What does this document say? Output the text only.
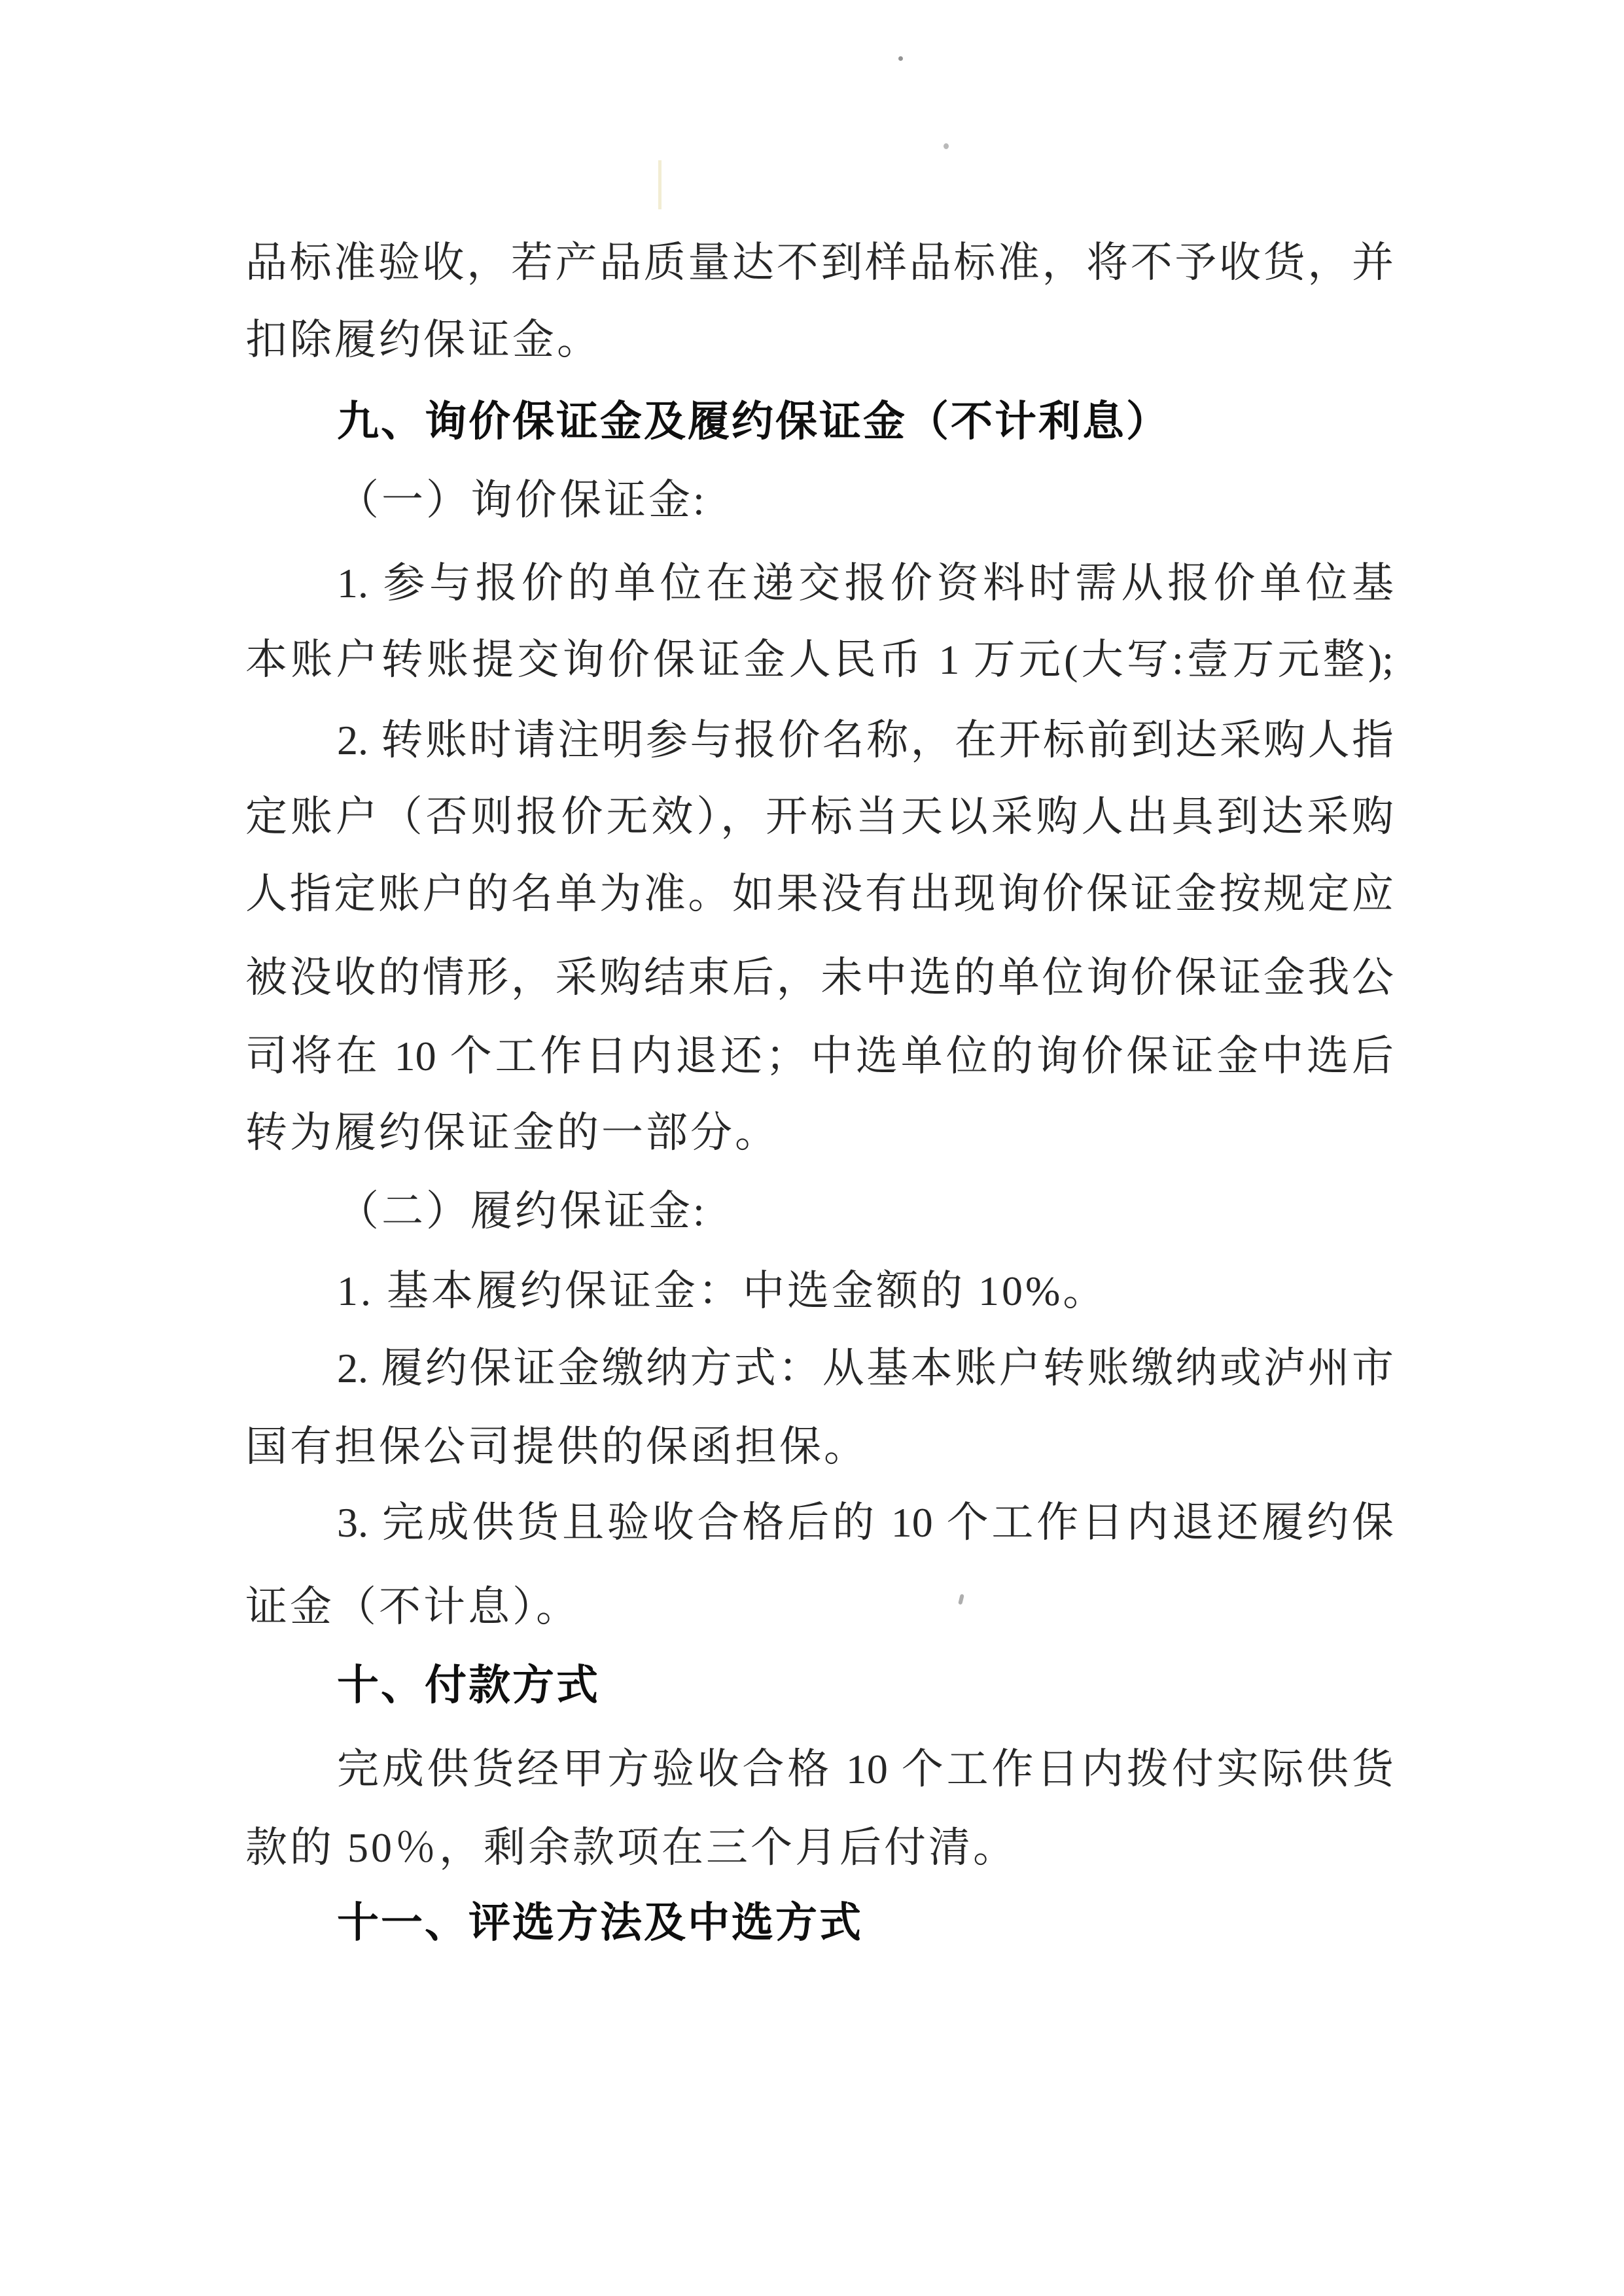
品标准验收，若产品质量达不到样品标准，将不予收货，并
扣除履约保证金。
九、询价保证金及履约保证金（不计利息）
（一）询价保证金:
1. 参与报价的单位在递交报价资料时需从报价单位基
本账户转账提交询价保证金人民币 1 万元(大写:壹万元整);
2. 转账时请注明参与报价名称，在开标前到达采购人指
定账户（否则报价无效），开标当天以采购人出具到达采购
人指定账户的名单为准。如果没有出现询价保证金按规定应
被没收的情形，采购结束后，未中选的单位询价保证金我公
司将在 10 个工作日内退还；中选单位的询价保证金中选后
转为履约保证金的一部分。
（二）履约保证金:
1. 基本履约保证金：中选金额的 10%。
2. 履约保证金缴纳方式：从基本账户转账缴纳或泸州市
国有担保公司提供的保函担保。
3. 完成供货且验收合格后的 10 个工作日内退还履约保
证金（不计息）。
十、付款方式
完成供货经甲方验收合格 10 个工作日内拨付实际供货
款的 50％，剩余款项在三个月后付清。
十一、评选方法及中选方式
